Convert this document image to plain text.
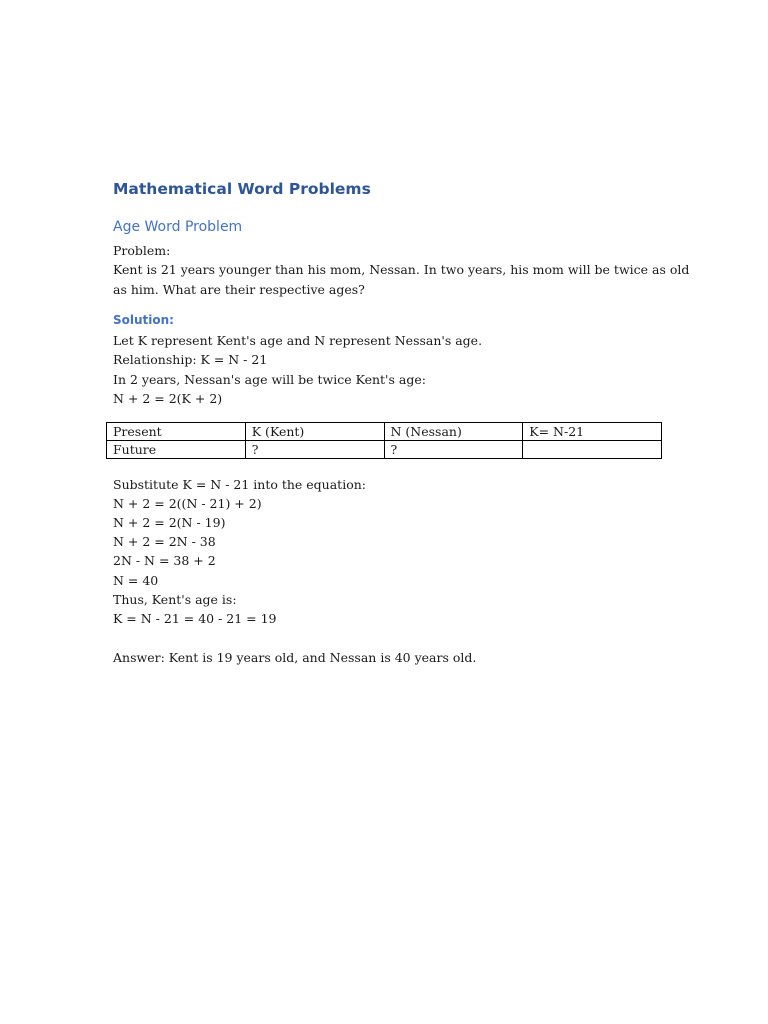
Mathematical Word Problems
Age Word Problem

Problem:

Kent is 21 years younger than his mom, Nessan. In two years, his mom will be twice as old

as him. What are their respective ages?

Solution:

Let K represent Kent's age and N represent Nessan's age.

Relationship: K = N - 21

In 2 years, Nessan's age will be twice Kent's age:

N + 2 = 2(K + 2)

Present	K (Kent)	N (Nessan)	K= N-21
Future	?	?	

Substitute K = N - 21 into the equation:

N + 2 = 2((N - 21) + 2)

N + 2 = 2(N - 19)

N + 2 = 2N - 38

2N - N = 38 + 2

N = 40

Thus, Kent's age is:

K = N - 21 = 40 - 21 = 19

Answer: Kent is 19 years old, and Nessan is 40 years old.
